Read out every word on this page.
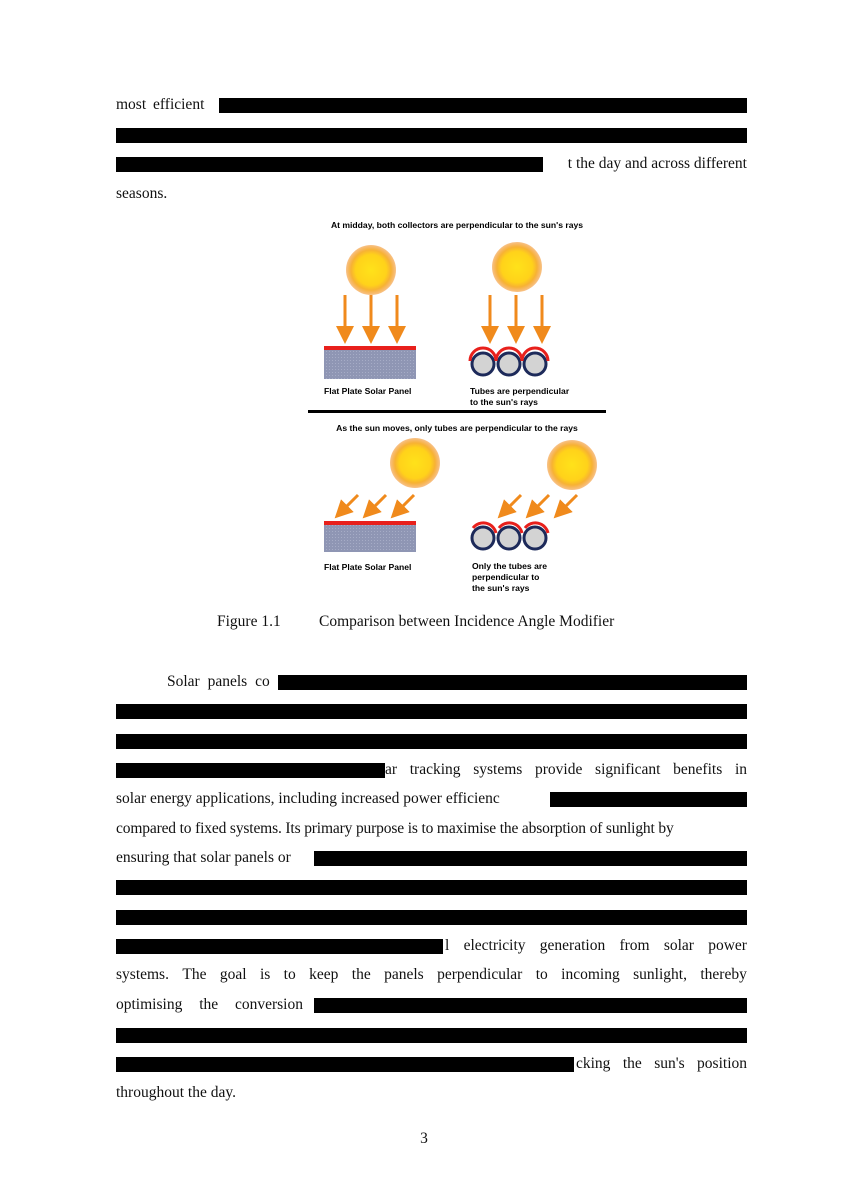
most efficient
t the day and across different
seasons.
At midday, both collectors are perpendicular to the sun's rays
Flat Plate Solar Panel	Tubes are perpendicular
to the sun's rays
As the sun moves, only tubes are perpendicular to the rays
Flat Plate Solar Panel	Only the tubes are
perpendicular to
the sun's rays
Figure 1.1 Comparison between Incidence Angle Modifier
Solar panels co
ar tracking systems provide significant benefits in
solar energy applications, including increased power efficienc
compared to fixed systems. Its primary purpose is to maximise the absorption of sunlight by
ensuring that solar panels or
l electricity generation from solar power
systems. The goal is to keep the panels perpendicular to incoming sunlight, thereby
optimising the conversion
cking the sun's position
throughout the day.
3
